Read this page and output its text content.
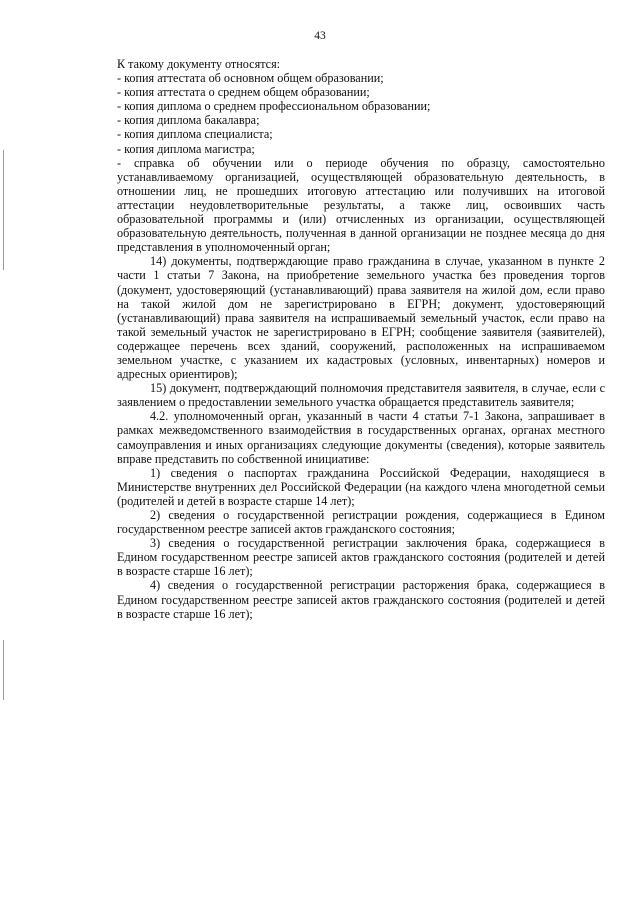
43

К такому документу относятся:

- копия аттестата об основном общем образовании;

- копия аттестата о среднем общем образовании;

- копия диплома о среднем профессиональном образовании;

- копия диплома бакалавра;

- копия диплома специалиста;

- копия диплома магистра;

- справка об обучении или о периоде обучения по образцу, самостоятельно устанавливаемому организацией, осуществляющей образовательную деятельность, в отношении лиц, не прошедших итоговую аттестацию или получивших на итоговой аттестации неудовлетворительные результаты, а также лиц, освоивших часть образовательной программы и (или) отчисленных из организации, осуществляющей образовательную деятельность, полученная в данной организации не позднее месяца до дня представления в уполномоченный орган;

14) документы, подтверждающие право гражданина в случае, указанном в пункте 2 части 1 статьи 7 Закона, на приобретение земельного участка без проведения торгов (документ, удостоверяющий (устанавливающий) права заявителя на жилой дом, если право на такой жилой дом не зарегистрировано в ЕГРН; документ, удостоверяющий (устанавливающий) права заявителя на испрашиваемый земельный участок, если право на такой земельный участок не зарегистрировано в ЕГРН; сообщение заявителя (заявителей), содержащее перечень всех зданий, сооружений, расположенных на испрашиваемом земельном участке, с указанием их кадастровых (условных, инвентарных) номеров и адресных ориентиров);

15) документ, подтверждающий полномочия представителя заявителя, в случае, если с заявлением о предоставлении земельного участка обращается представитель заявителя;

4.2. уполномоченный орган, указанный в части 4 статьи 7-1 Закона, запрашивает в рамках межведомственного взаимодействия в государственных органах, органах местного самоуправления и иных организациях следующие документы (сведения), которые заявитель вправе представить по собственной инициативе:

1) сведения о паспортах гражданина Российской Федерации, находящиеся в Министерстве внутренних дел Российской Федерации (на каждого члена многодетной семьи (родителей и детей в возрасте старше 14 лет);

2) сведения о государственной регистрации рождения, содержащиеся в Едином государственном реестре записей актов гражданского состояния;

3) сведения о государственной регистрации заключения брака, содержащиеся в Едином государственном реестре записей актов гражданского состояния (родителей и детей в возрасте старше 16 лет);

4) сведения о государственной регистрации расторжения брака, содержащиеся в Едином государственном реестре записей актов гражданского состояния (родителей и детей в возрасте старше 16 лет);
